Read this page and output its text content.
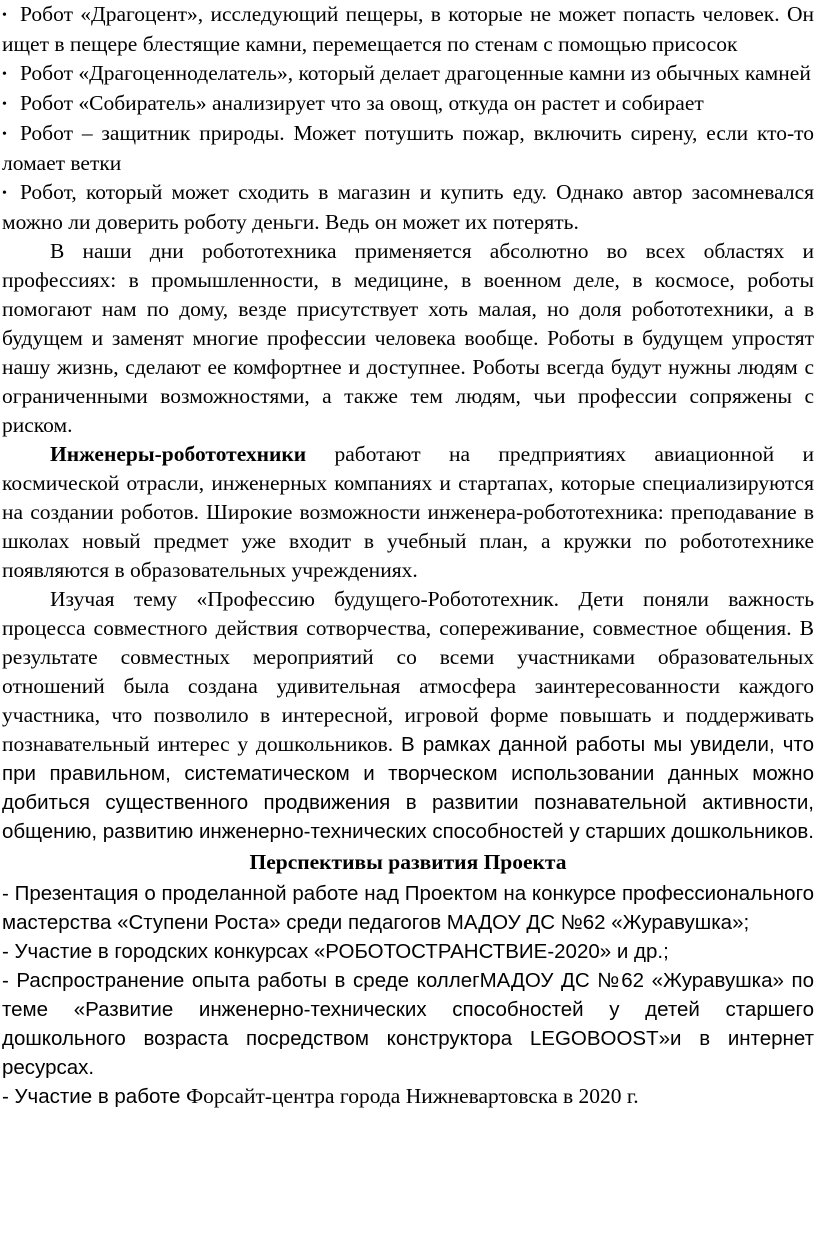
• Робот «Драгоцент», исследующий пещеры, в которые не может попасть человек. Он ищет в пещере блестящие камни, перемещается по стенам с помощью присосок

• Робот «Драгоценноделатель», который делает драгоценные камни из обычных камней

• Робот «Собиратель» анализирует что за овощ, откуда он растет и собирает

• Робот – защитник природы. Может потушить пожар, включить сирену, если кто-то ломает ветки

• Робот, который может сходить в магазин и купить еду. Однако автор засомневался можно ли доверить роботу деньги. Ведь он может их потерять.

В наши дни робототехника применяется абсолютно во всех областях и профессиях: в промышленности, в медицине, в военном деле, в космосе, роботы помогают нам по дому, везде присутствует хоть малая, но доля робототехники, а в будущем и заменят многие профессии человека вообще. Роботы в будущем упростят нашу жизнь, сделают ее комфортнее и доступнее. Роботы всегда будут нужны людям с ограниченными возможностями, а также тем людям, чьи профессии сопряжены с риском.

Инженеры-робототехники работают на предприятиях авиационной и космической отрасли, инженерных компаниях и стартапах, которые специализируются на создании роботов. Широкие возможности инженера-робототехника: преподавание в школах новый предмет уже входит в учебный план, а кружки по робототехнике появляются в образовательных учреждениях.

Изучая тему «Профессию будущего-Робототехник. Дети поняли важность процесса совместного действия сотворчества, сопереживание, совместное общения. В результате совместных мероприятий со всеми участниками образовательных отношений была создана удивительная атмосфера заинтересованности каждого участника, что позволило в интересной, игровой форме повышать и поддерживать познавательный интерес у дошкольников. В рамках данной работы мы увидели, что при правильном, систематическом и творческом использовании данных можно добиться существенного продвижения в развитии познавательной активности, общению, развитию инженерно-технических способностей у старших дошкольников.

Перспективы развития Проекта

- Презентация о проделанной работе над Проектом на конкурсе профессионального мастерства «Ступени Роста» среди педагогов МАДОУ ДС №62 «Журавушка»;

- Участие в городских конкурсах «РОБОТОСТРАНСТВИЕ-2020» и др.;

- Распространение опыта работы в среде коллегМАДОУ ДС №62 «Журавушка» по теме «Развитие инженерно-технических способностей у детей старшего дошкольного возраста посредством конструктора LEGOBOOST»и в интернет ресурсах.

- Участие в работе Форсайт-центра города Нижневартовска в 2020 г.
